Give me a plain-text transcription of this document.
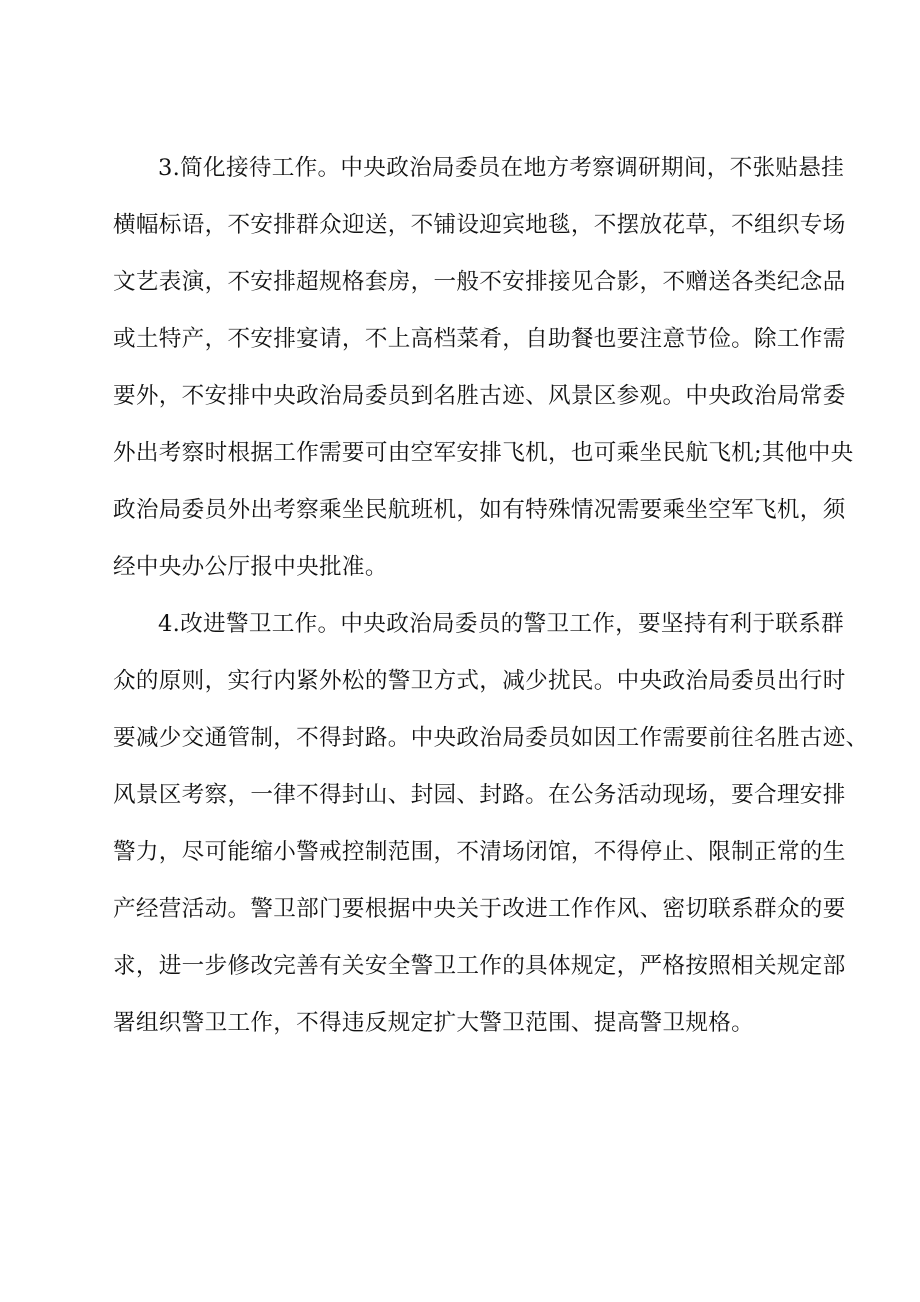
3.简化接待工作。中央政治局委员在地方考察调研期间，不张贴悬挂
横幅标语，不安排群众迎送，不铺设迎宾地毯，不摆放花草，不组织专场
文艺表演，不安排超规格套房，一般不安排接见合影，不赠送各类纪念品
或土特产，不安排宴请，不上高档菜肴，自助餐也要注意节俭。除工作需
要外，不安排中央政治局委员到名胜古迹、风景区参观。中央政治局常委
外出考察时根据工作需要可由空军安排飞机，也可乘坐民航飞机;其他中央
政治局委员外出考察乘坐民航班机，如有特殊情况需要乘坐空军飞机，须
经中央办公厅报中央批准。
4.改进警卫工作。中央政治局委员的警卫工作，要坚持有利于联系群
众的原则，实行内紧外松的警卫方式，减少扰民。中央政治局委员出行时
要减少交通管制，不得封路。中央政治局委员如因工作需要前往名胜古迹、
风景区考察，一律不得封山、封园、封路。在公务活动现场，要合理安排
警力，尽可能缩小警戒控制范围，不清场闭馆，不得停止、限制正常的生
产经营活动。警卫部门要根据中央关于改进工作作风、密切联系群众的要
求，进一步修改完善有关安全警卫工作的具体规定，严格按照相关规定部
署组织警卫工作，不得违反规定扩大警卫范围、提高警卫规格。
